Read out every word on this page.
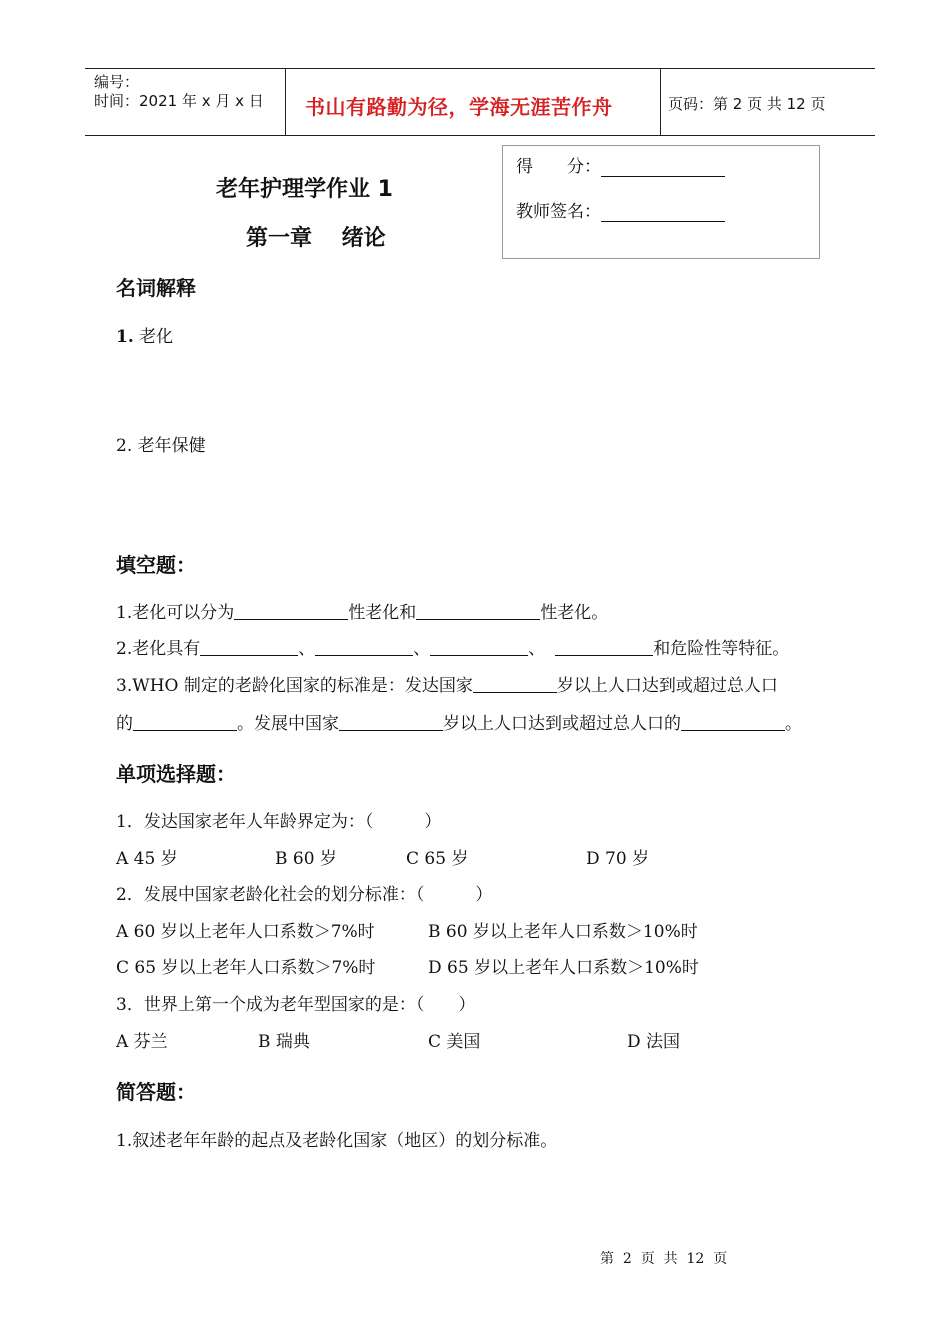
编号：
时间：2021 年 x 月 x 日 书山有路勤为径，学海无涯苦作舟	页码：第 2 页 共 12 页
得　　分：
教师签名：
老年护理学作业 1
第一章　 绪论
名词解释
1. 老化
2. 老年保健
填空题：
1.老化可以分为	性老化和	性老化。
2.老化具有	、	、	、	和危险性等特征。
3.WHO 制定的老龄化国家的标准是：发达国家	岁以上人口达到或超过总人口
的	。发展中国家	岁以上人口达到或超过总人口的	。
单项选择题：
1．发达国家老年人年龄界定为：（　　　）
A 45 岁	B 60 岁	C 65 岁	D 70 岁
2．发展中国家老龄化社会的划分标准：（　　　）
A 60 岁以上老年人口系数＞7%时	B 60 岁以上老年人口系数＞10%时
C 65 岁以上老年人口系数＞7%时	D 65 岁以上老年人口系数＞10%时
3．世界上第一个成为老年型国家的是：（　　）
A 芬兰	B 瑞典	C 美国	D 法国
简答题：
1.叙述老年年龄的起点及老龄化国家（地区）的划分标准。
第  2  页  共  12  页
